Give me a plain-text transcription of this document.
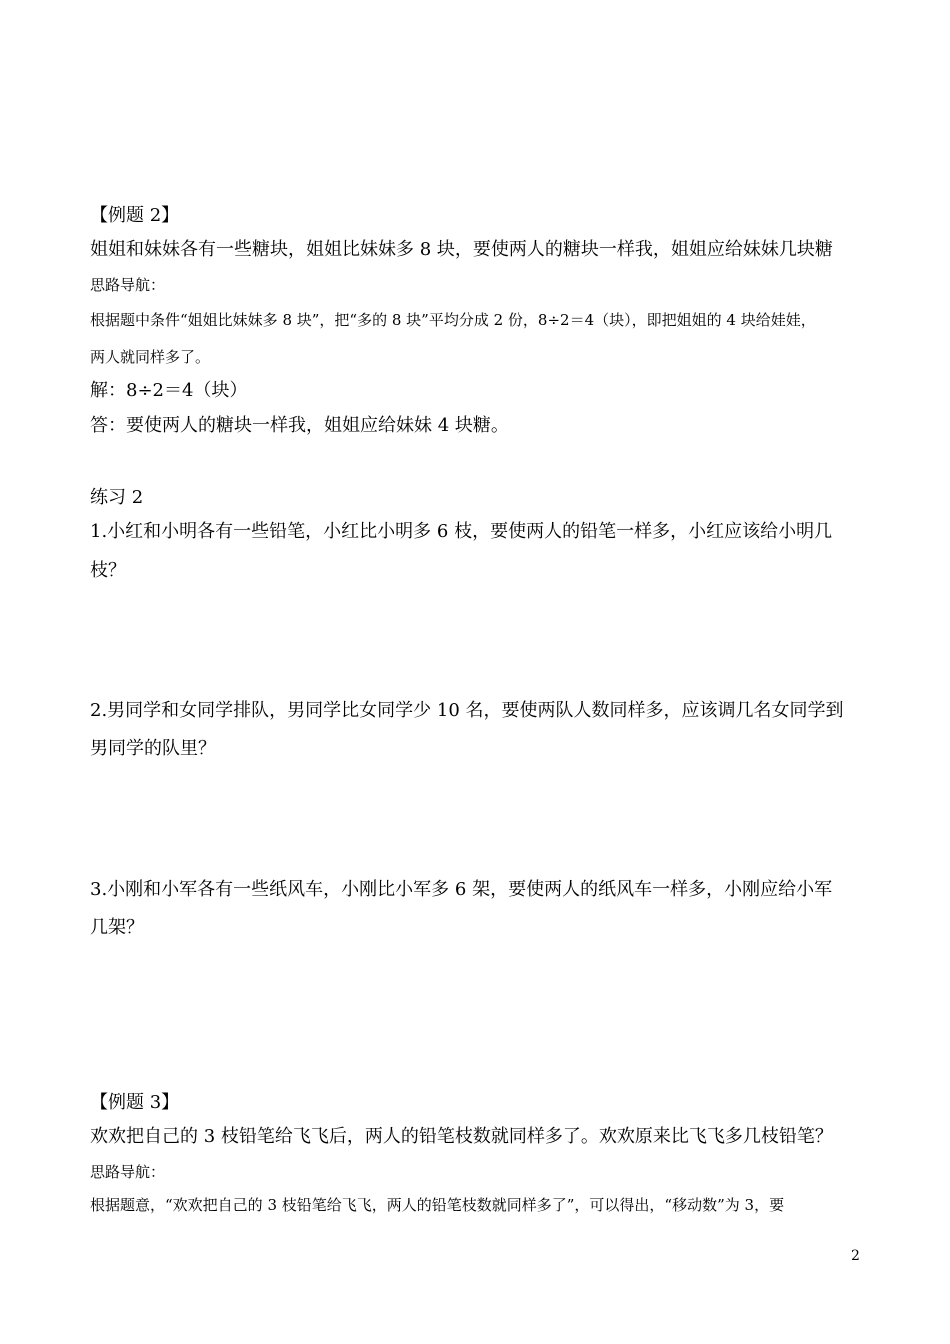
【例题 2】
姐姐和妹妹各有一些糖块，姐姐比妹妹多 8 块，要使两人的糖块一样我，姐姐应给妹妹几块糖
思路导航：
根据题中条件“姐姐比妹妹多 8 块”，把“多的 8 块”平均分成 2 份，8÷2＝4（块），即把姐姐的 4 块给娃娃，
两人就同样多了。
解：8÷2＝4（块）
答：要使两人的糖块一样我，姐姐应给妹妹 4 块糖。
练习 2
1.小红和小明各有一些铅笔，小红比小明多 6 枝，要使两人的铅笔一样多，小红应该给小明几
枝？
2.男同学和女同学排队，男同学比女同学少 10 名，要使两队人数同样多，应该调几名女同学到
男同学的队里？
3.小刚和小军各有一些纸风车，小刚比小军多 6 架，要使两人的纸风车一样多，小刚应给小军
几架？
【例题 3】
欢欢把自己的 3 枝铅笔给飞飞后，两人的铅笔枝数就同样多了。欢欢原来比飞飞多几枝铅笔？
思路导航：
根据题意，“欢欢把自己的 3 枝铅笔给飞飞，两人的铅笔枝数就同样多了”，可以得出，“移动数”为 3，要
2
